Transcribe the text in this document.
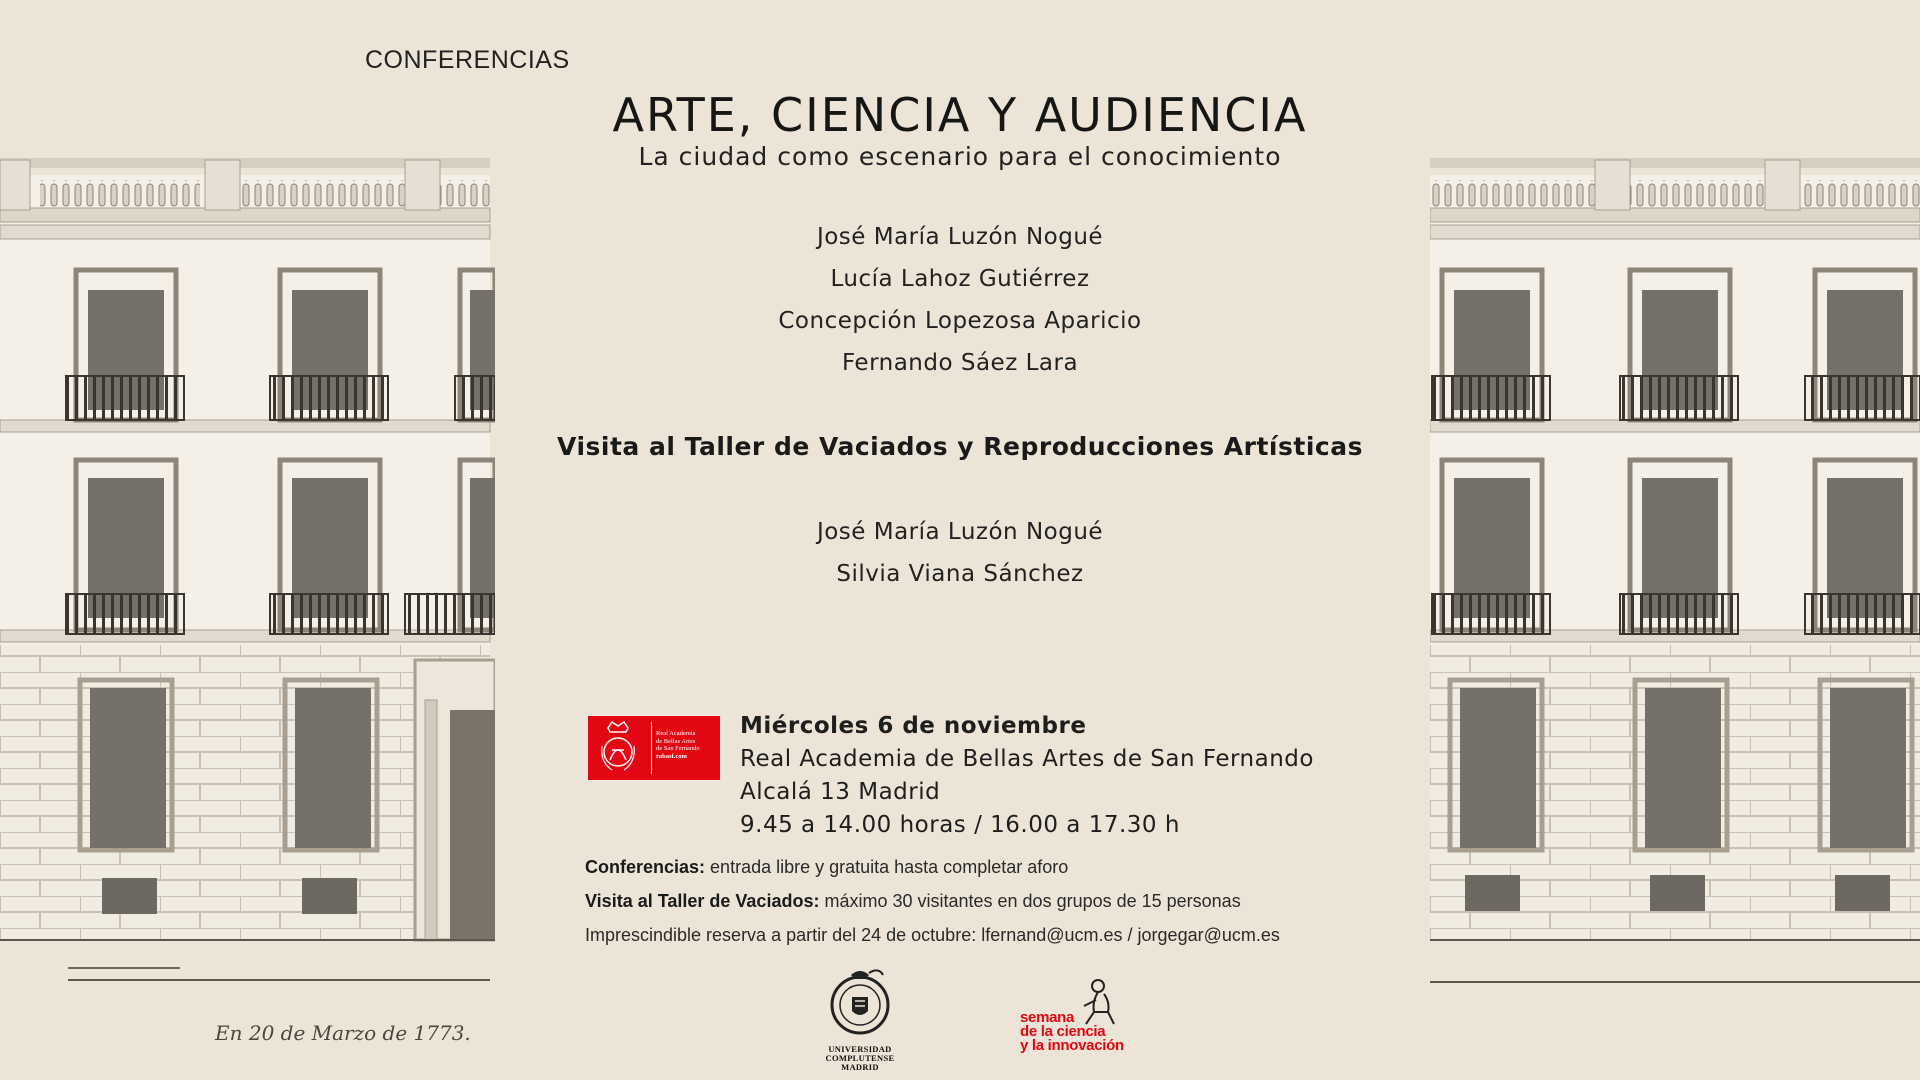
En 20 de Marzo de 1773.
CONFERENCIAS
ARTE, CIENCIA Y AUDIENCIA
La ciudad como escenario para el conocimiento
José María Luzón Nogué
Lucía Lahoz Gutiérrez
Concepción Lopezosa Aparicio
Fernando Sáez Lara
Visita al Taller de Vaciados y Reproducciones Artísticas
José María Luzón Nogué
Silvia Viana Sánchez
Real Academia
de Bellas Artes
de San Fernando
rabasf.com
Miércoles 6 de noviembre
Real Academia de Bellas Artes de San Fernando
Alcalá 13 Madrid
9.45 a 14.00 horas / 16.00 a 17.30 h
Conferencias: entrada libre y gratuita hasta completar aforo
Visita al Taller de Vaciados: máximo 30 visitantes en dos grupos de 15 personas
Imprescindible reserva a partir del 24 de octubre: lfernand@ucm.es / jorgegar@ucm.es
UNIVERSIDAD COMPLUTENSE
MADRID
semana
de la ciencia
y la innovación
